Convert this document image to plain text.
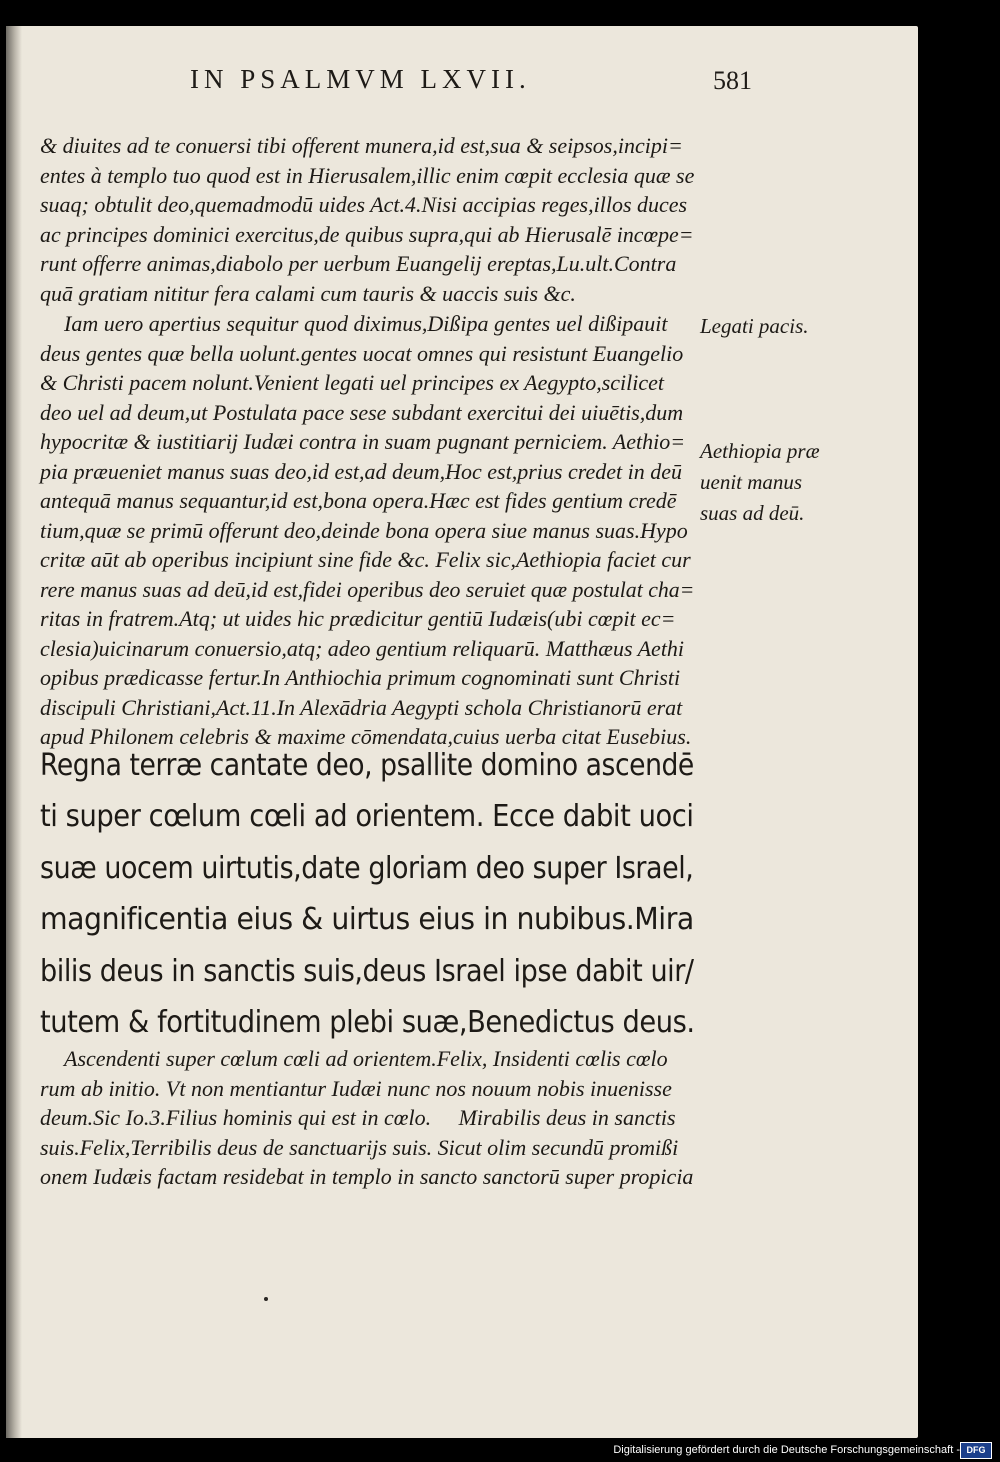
IN PSALMVM LXVII.	581
& diuites ad te conuersi tibi offerent munera,id est,sua & seipsos,incipi=
entes à templo tuo quod est in Hierusalem,illic enim cœpit ecclesia quæ se
suaq; obtulit deo,quemadmodū uides Act.4.Nisi accipias reges,illos duces
ac principes dominici exercitus,de quibus supra,qui ab Hierusalē incœpe=
runt offerre animas,diabolo per uerbum Euangelij ereptas,Lu.ult.Contra
quā gratiam nititur fera calami cum tauris & uaccis suis &c.
Iam uero apertius sequitur quod diximus,Dißipa gentes uel dißipauit
deus gentes quæ bella uolunt.gentes uocat omnes qui resistunt Euangelio
& Christi pacem nolunt.Venient legati uel principes ex Aegypto,scilicet
deo uel ad deum,ut Postulata pace sese subdant exercitui dei uiuētis,dum
hypocritæ & iustitiarij Iudæi contra in suam pugnant perniciem. Aethio=
pia præueniet manus suas deo,id est,ad deum,Hoc est,prius credet in deū
antequā manus sequantur,id est,bona opera.Hæc est fides gentium credē
tium,quæ se primū offerunt deo,deinde bona opera siue manus suas.Hypo
critæ aūt ab operibus incipiunt sine fide &c. Felix sic,Aethiopia faciet cur
rere manus suas ad deū,id est,fidei operibus deo seruiet quæ postulat cha=
ritas in fratrem.Atq; ut uides hic prædicitur gentiū Iudæis(ubi cœpit ec=
clesia)uicinarum conuersio,atq; adeo gentium reliquarū. Matthæus Aethi
opibus prædicasse fertur.In Anthiochia primum cognominati sunt Christi
discipuli Christiani,Act.11.In Alexādria Aegypti schola Christianorū erat
apud Philonem celebris & maxime cōmendata,cuius uerba citat Eusebius.
Regna terræ cantate deo, psallite domino ascendē
ti super cœlum cœli ad orientem. Ecce dabit uoci
suæ uocem uirtutis,date gloriam deo super Israel,
magnificentia eius & uirtus eius in nubibus.Mira
bilis deus in sanctis suis,deus Israel ipse dabit uir/
tutem & fortitudinem plebi suæ,Benedictus deus.
Ascendenti super cœlum cœli ad orientem.Felix, Insidenti cœlis cœlo
rum ab initio. Vt non mentiantur Iudæi nunc nos nouum nobis inuenisse
deum.Sic Io.3.Filius hominis qui est in cœlo.     Mirabilis deus in sanctis
suis.Felix,Terribilis deus de sanctuarijs suis. Sicut olim secundū promißi
onem Iudæis factam residebat in templo in sancto sanctorū super propicia
Legati pacis.
Aethiopia præ
uenit manus
suas ad deū.
Digitalisierung gefördert durch die Deutsche Forschungsgemeinschaft - DFG
